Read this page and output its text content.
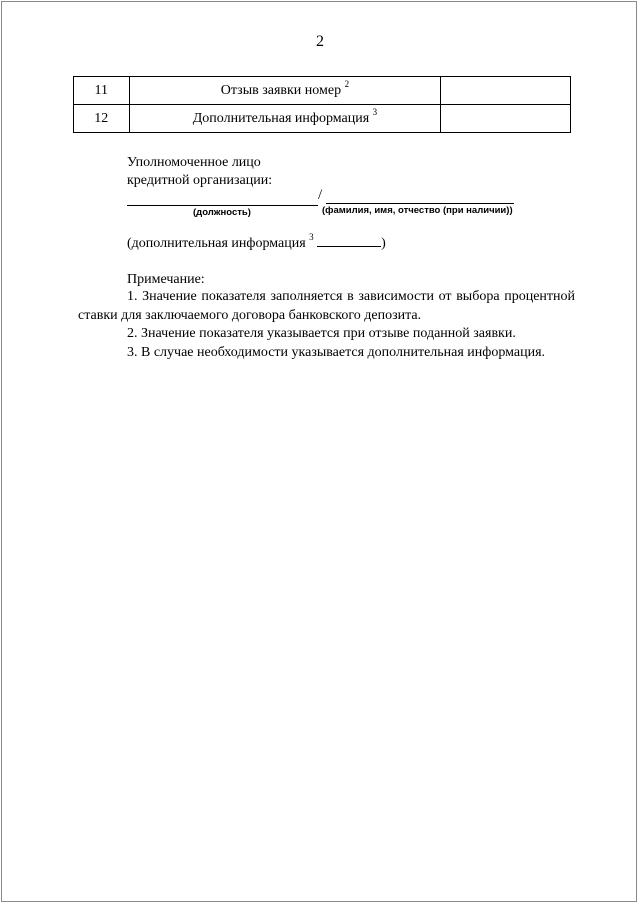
2
11	Отзыв заявки номер $^2$	
12	Дополнительная информация $^3$	
Уполномоченное лицо
кредитной организации:
/
(должность)	(фамилия, имя, отчество (при наличии))
(дополнительная информация $^3$	)
Примечание:

1. Значение показателя заполняется в зависимости от выбора процентной ставки для заключаемого договора банковского депозита.

2. Значение показателя указывается при отзыве поданной заявки.

3. В случае необходимости указывается дополнительная информация.
